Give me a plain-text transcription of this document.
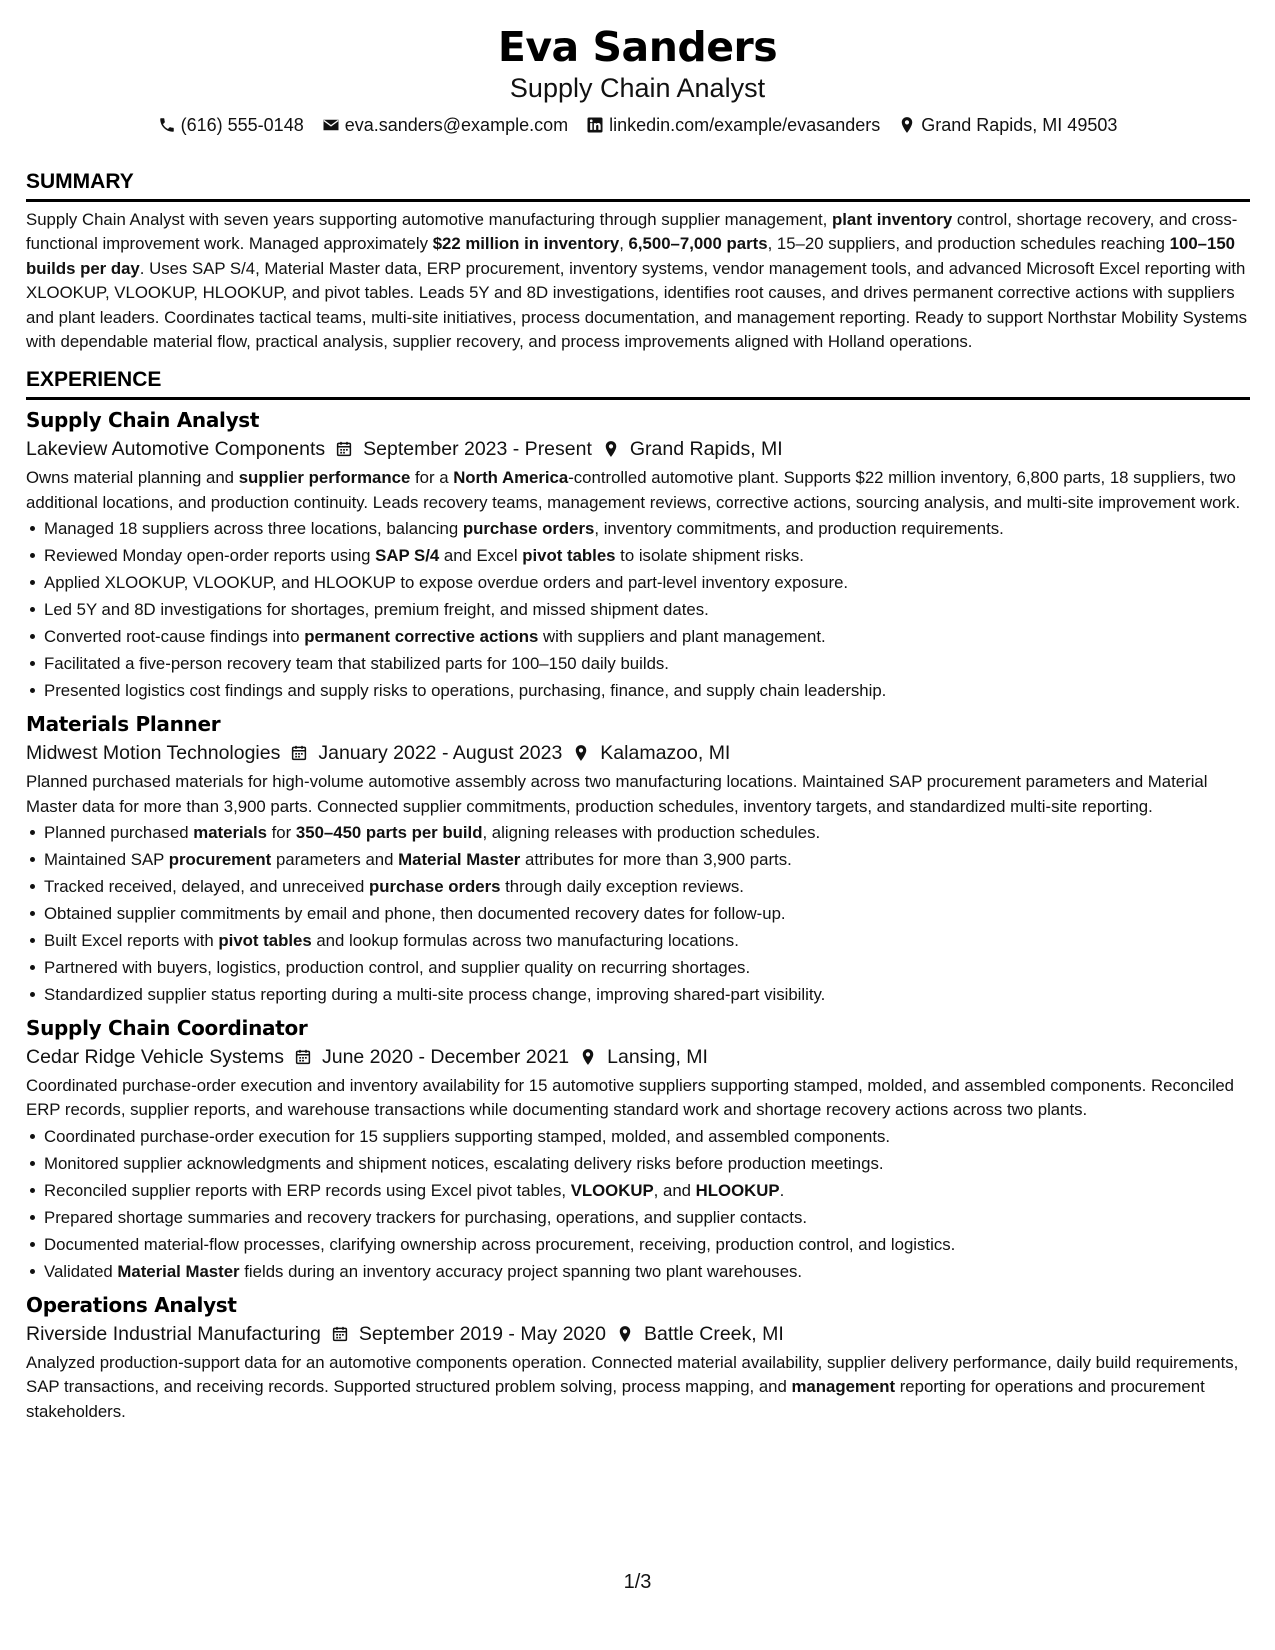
Eva Sanders
Supply Chain Analyst
(616) 555-0148 eva.sanders@example.com linkedin.com/example/evasanders Grand Rapids, MI 49503
SUMMARY

Supply Chain Analyst with seven years supporting automotive manufacturing through supplier management, plant inventory control, shortage recovery, and cross-functional improvement work. Managed approximately $22 million in inventory, 6,500–7,000 parts, 15–20 suppliers, and production schedules reaching 100–150 builds per day. Uses SAP S/4, Material Master data, ERP procurement, inventory systems, vendor management tools, and advanced Microsoft Excel reporting with XLOOKUP, VLOOKUP, HLOOKUP, and pivot tables. Leads 5Y and 8D investigations, identifies root causes, and drives permanent corrective actions with suppliers and plant leaders. Coordinates tactical teams, multi-site initiatives, process documentation, and management reporting. Ready to support Northstar Mobility Systems with dependable material flow, practical analysis, supplier recovery, and process improvements aligned with Holland operations.

EXPERIENCE
Supply Chain Analyst
Lakeview Automotive Components September 2023 - Present Grand Rapids, MI

Owns material planning and supplier performance for a North America-controlled automotive plant. Supports $22 million inventory, 6,800 parts, 18 suppliers, two additional locations, and production continuity. Leads recovery teams, management reviews, corrective actions, sourcing analysis, and multi-site improvement work.

Managed 18 suppliers across three locations, balancing purchase orders, inventory commitments, and production requirements.
Reviewed Monday open-order reports using SAP S/4 and Excel pivot tables to isolate shipment risks.
Applied XLOOKUP, VLOOKUP, and HLOOKUP to expose overdue orders and part-level inventory exposure.
Led 5Y and 8D investigations for shortages, premium freight, and missed shipment dates.
Converted root-cause findings into permanent corrective actions with suppliers and plant management.
Facilitated a five-person recovery team that stabilized parts for 100–150 daily builds.
Presented logistics cost findings and supply risks to operations, purchasing, finance, and supply chain leadership.
Materials Planner
Midwest Motion Technologies January 2022 - August 2023 Kalamazoo, MI

Planned purchased materials for high-volume automotive assembly across two manufacturing locations. Maintained SAP procurement parameters and Material Master data for more than 3,900 parts. Connected supplier commitments, production schedules, inventory targets, and standardized multi-site reporting.

Planned purchased materials for 350–450 parts per build, aligning releases with production schedules.
Maintained SAP procurement parameters and Material Master attributes for more than 3,900 parts.
Tracked received, delayed, and unreceived purchase orders through daily exception reviews.
Obtained supplier commitments by email and phone, then documented recovery dates for follow-up.
Built Excel reports with pivot tables and lookup formulas across two manufacturing locations.
Partnered with buyers, logistics, production control, and supplier quality on recurring shortages.
Standardized supplier status reporting during a multi-site process change, improving shared-part visibility.
Supply Chain Coordinator
Cedar Ridge Vehicle Systems June 2020 - December 2021 Lansing, MI

Coordinated purchase-order execution and inventory availability for 15 automotive suppliers supporting stamped, molded, and assembled components. Reconciled ERP records, supplier reports, and warehouse transactions while documenting standard work and shortage recovery actions across two plants.

Coordinated purchase-order execution for 15 suppliers supporting stamped, molded, and assembled components.
Monitored supplier acknowledgments and shipment notices, escalating delivery risks before production meetings.
Reconciled supplier reports with ERP records using Excel pivot tables, VLOOKUP, and HLOOKUP.
Prepared shortage summaries and recovery trackers for purchasing, operations, and supplier contacts.
Documented material-flow processes, clarifying ownership across procurement, receiving, production control, and logistics.
Validated Material Master fields during an inventory accuracy project spanning two plant warehouses.
Operations Analyst
Riverside Industrial Manufacturing September 2019 - May 2020 Battle Creek, MI

Analyzed production-support data for an automotive components operation. Connected material availability, supplier delivery performance, daily build requirements, SAP transactions, and receiving records. Supported structured problem solving, process mapping, and management reporting for operations and procurement stakeholders.

1/3
